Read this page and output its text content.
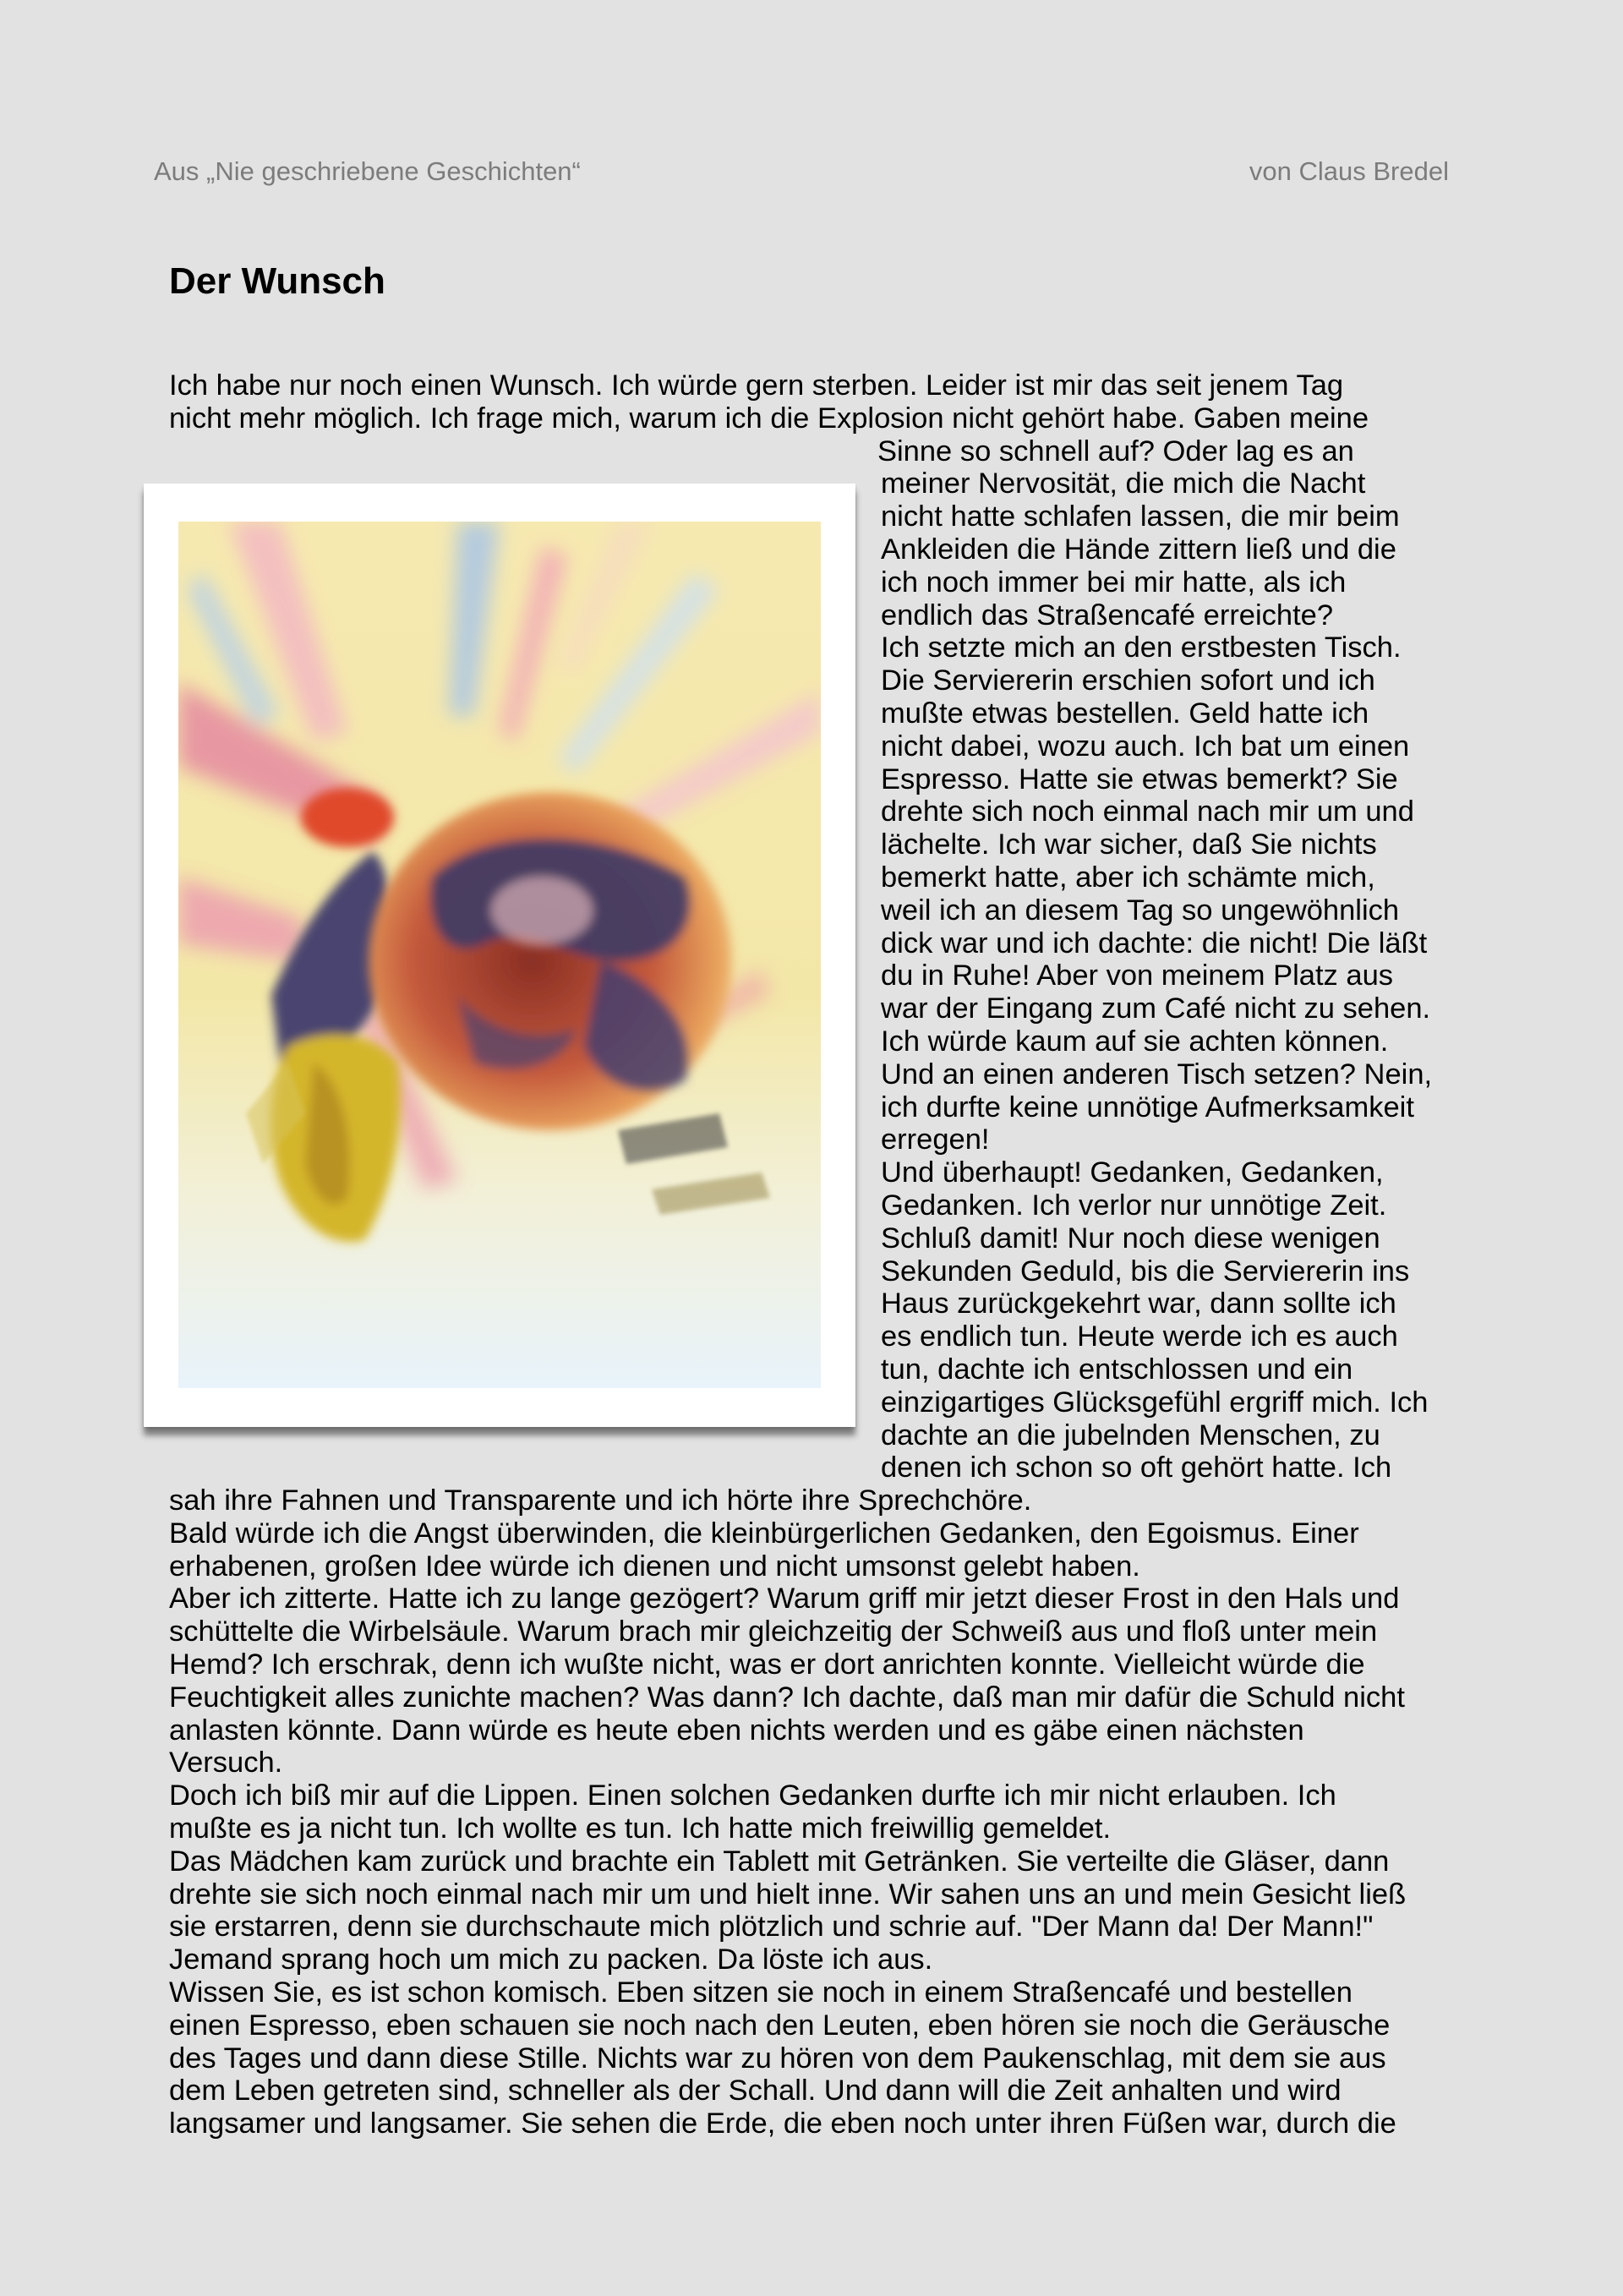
Aus „Nie geschriebene Geschichten“	von Claus Bredel
Der Wunsch

Ich habe nur noch einen Wunsch. Ich würde gern sterben. Leider ist mir das seit jenem Tag

nicht mehr möglich. Ich frage mich, warum ich die Explosion nicht gehört habe. Gaben meine

Sinne so schnell auf? Oder lag es an

meiner Nervosität, die mich die Nacht

nicht hatte schlafen lassen, die mir beim

Ankleiden die Hände zittern ließ und die

ich noch immer bei mir hatte, als ich

endlich das Straßencafé erreichte?

Ich setzte mich an den erstbesten Tisch.

Die Serviererin erschien sofort und ich

mußte etwas bestellen. Geld hatte ich

nicht dabei, wozu auch. Ich bat um einen

Espresso. Hatte sie etwas bemerkt? Sie

drehte sich noch einmal nach mir um und

lächelte. Ich war sicher, daß Sie nichts

bemerkt hatte, aber ich schämte mich,

weil ich an diesem Tag so ungewöhnlich

dick war und ich dachte: die nicht! Die läßt

du in Ruhe! Aber von meinem Platz aus

war der Eingang zum Café nicht zu sehen.

Ich würde kaum auf sie achten können.

Und an einen anderen Tisch setzen? Nein,

ich durfte keine unnötige Aufmerksamkeit

erregen!

Und überhaupt! Gedanken, Gedanken,

Gedanken. Ich verlor nur unnötige Zeit.

Schluß damit! Nur noch diese wenigen

Sekunden Geduld, bis die Serviererin ins

Haus zurückgekehrt war, dann sollte ich

es endlich tun. Heute werde ich es auch

tun, dachte ich entschlossen und ein

einzigartiges Glücksgefühl ergriff mich. Ich

dachte an die jubelnden Menschen, zu

denen ich schon so oft gehört hatte. Ich

sah ihre Fahnen und Transparente und ich hörte ihre Sprechchöre.

Bald würde ich die Angst überwinden, die kleinbürgerlichen Gedanken, den Egoismus. Einer

erhabenen, großen Idee würde ich dienen und nicht umsonst gelebt haben.

Aber ich zitterte. Hatte ich zu lange gezögert? Warum griff mir jetzt dieser Frost in den Hals und

schüttelte die Wirbelsäule. Warum brach mir gleichzeitig der Schweiß aus und floß unter mein

Hemd? Ich erschrak, denn ich wußte nicht, was er dort anrichten konnte. Vielleicht würde die

Feuchtigkeit alles zunichte machen? Was dann? Ich dachte, daß man mir dafür die Schuld nicht

anlasten könnte. Dann würde es heute eben nichts werden und es gäbe einen nächsten

Versuch.

Doch ich biß mir auf die Lippen. Einen solchen Gedanken durfte ich mir nicht erlauben. Ich

mußte es ja nicht tun. Ich wollte es tun. Ich hatte mich freiwillig gemeldet.

Das Mädchen kam zurück und brachte ein Tablett mit Getränken. Sie verteilte die Gläser, dann

drehte sie sich noch einmal nach mir um und hielt inne. Wir sahen uns an und mein Gesicht ließ

sie erstarren, denn sie durchschaute mich plötzlich und schrie auf. "Der Mann da! Der Mann!"

Jemand sprang hoch um mich zu packen. Da löste ich aus.

Wissen Sie, es ist schon komisch. Eben sitzen sie noch in einem Straßencafé und bestellen

einen Espresso, eben schauen sie noch nach den Leuten, eben hören sie noch die Geräusche

des Tages und dann diese Stille. Nichts war zu hören von dem Paukenschlag, mit dem sie aus

dem Leben getreten sind, schneller als der Schall. Und dann will die Zeit anhalten und wird

langsamer und langsamer. Sie sehen die Erde, die eben noch unter ihren Füßen war, durch die
